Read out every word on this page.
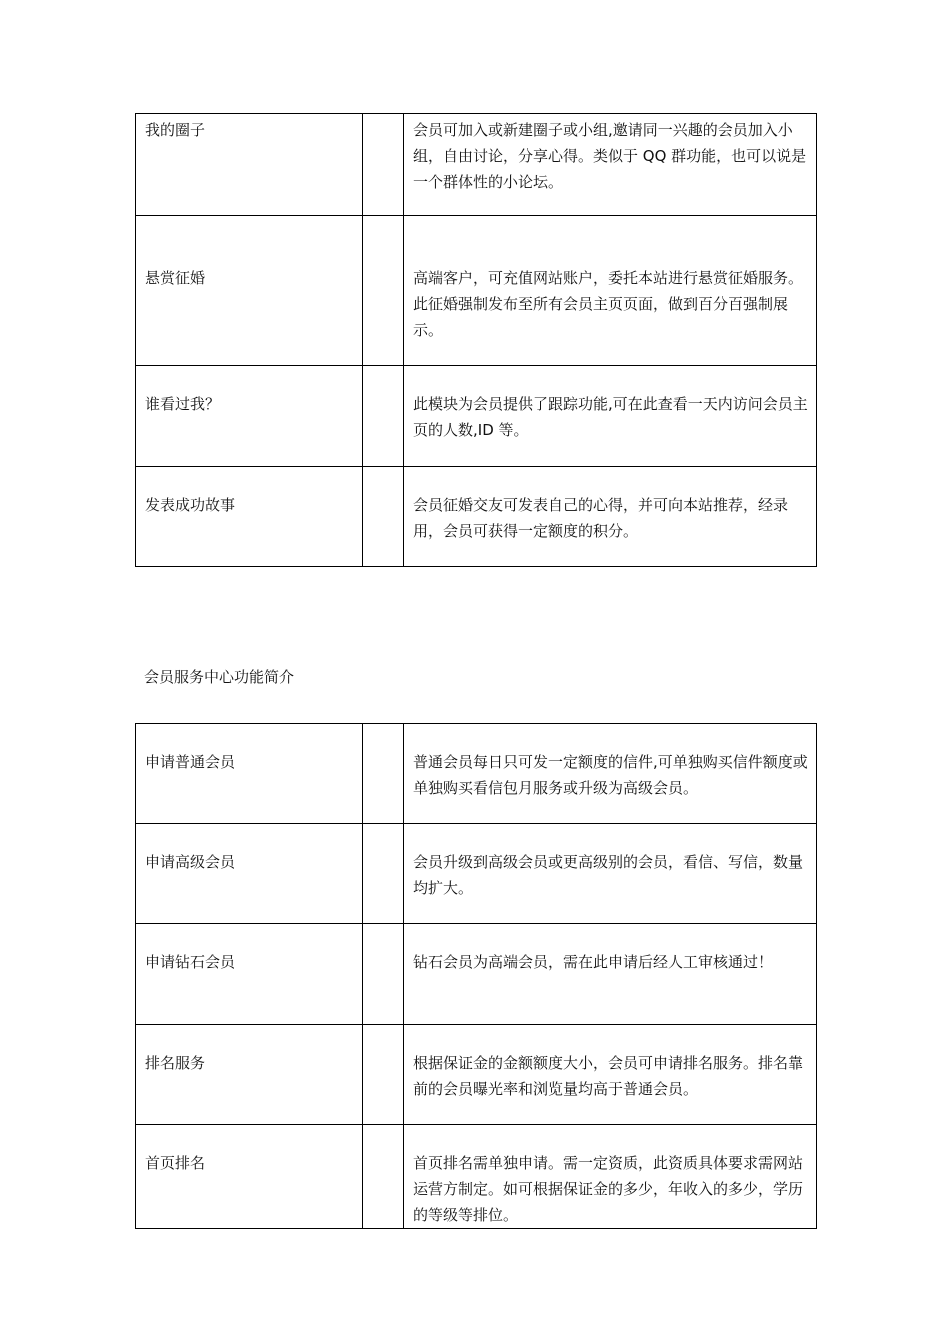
我的圈子		会员可加入或新建圈子或小组,邀请同一兴趣的会员加入小组，自由讨论，分享心得。类似于 QQ 群功能，也可以说是一个群体性的小论坛。

悬赏征婚		高端客户，可充值网站账户，委托本站进行悬赏征婚服务。此征婚强制发布至所有会员主页页面，做到百分百强制展示。

谁看过我？		此模块为会员提供了跟踪功能,可在此查看一天内访问会员主页的人数,ID 等。

发表成功故事		会员征婚交友可发表自己的心得，并可向本站推荐，经录用，会员可获得一定额度的积分。

会员服务中心功能简介

申请普通会员		普通会员每日只可发一定额度的信件,可单独购买信件额度或单独购买看信包月服务或升级为高级会员。

申请高级会员		会员升级到高级会员或更高级别的会员，看信、写信，数量均扩大。

申请钻石会员		钻石会员为高端会员，需在此申请后经人工审核通过！

排名服务		根据保证金的金额额度大小，会员可申请排名服务。排名靠前的会员曝光率和浏览量均高于普通会员。

首页排名		首页排名需单独申请。需一定资质，此资质具体要求需网站运营方制定。如可根据保证金的多少，年收入的多少，学历的等级等排位。
